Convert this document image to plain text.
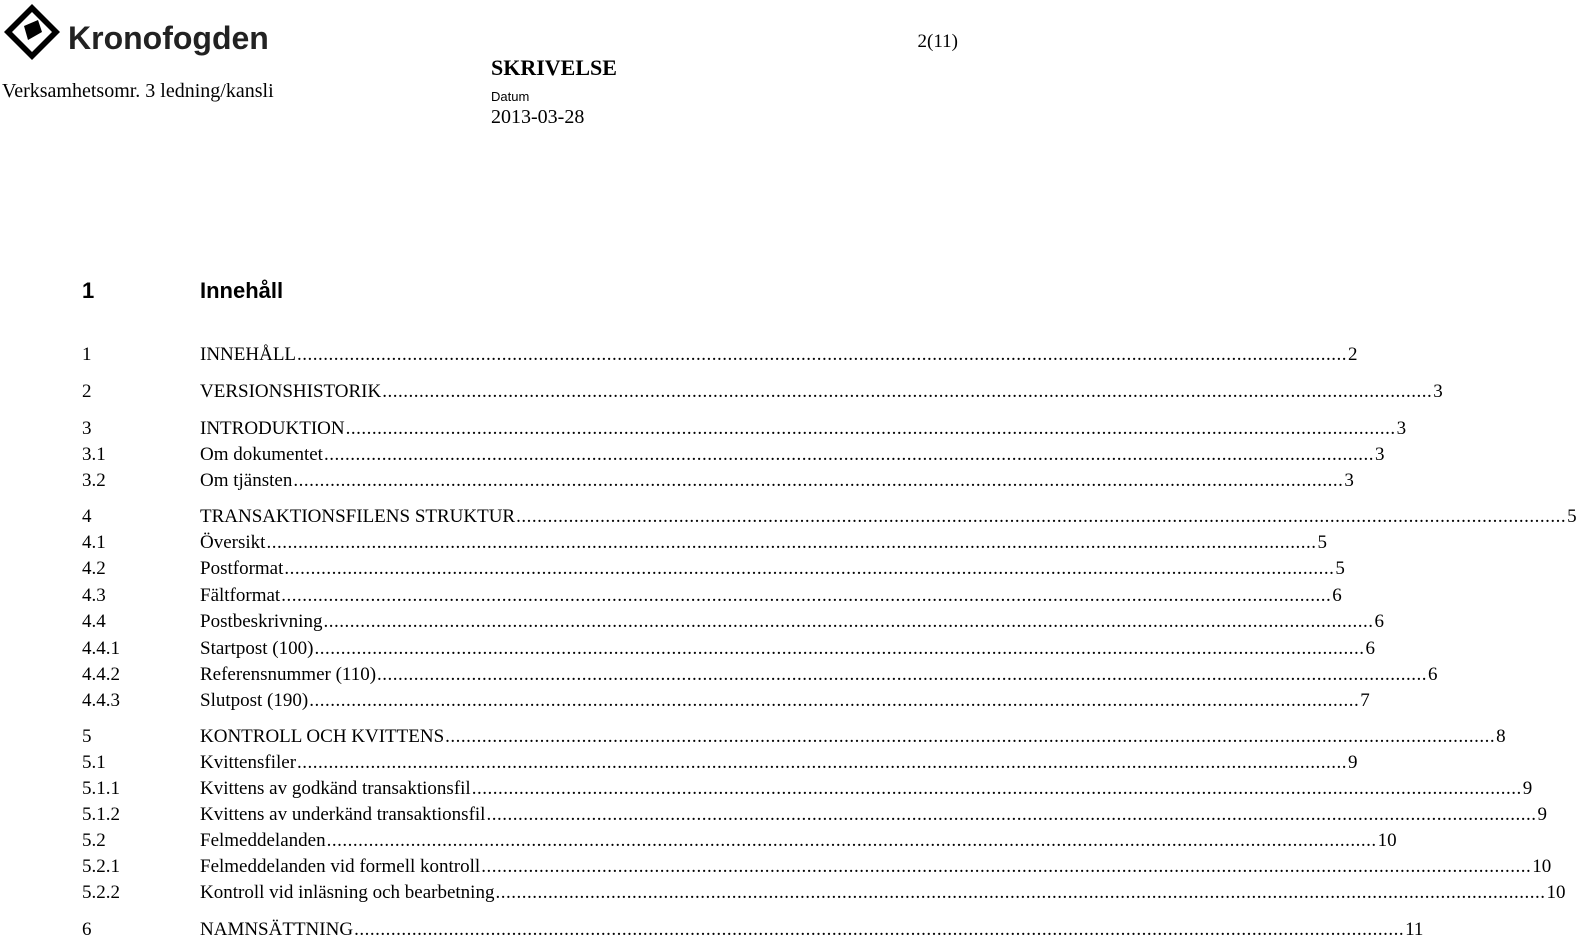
Kronofogden	2(11)
Verksamhetsomr. 3 ledning/kansli
SKRIVELSE
Datum
2013-03-28
1	Innehåll
1	INNEHÅLL ........................................................................................................................................................................................................ 2
2	VERSIONSHISTORIK ........................................................................................................................................................................................................ 3
3	INTRODUKTION ........................................................................................................................................................................................................ 3
3.1	Om dokumentet ........................................................................................................................................................................................................ 3
3.2	Om tjänsten ........................................................................................................................................................................................................ 3
4	TRANSAKTIONSFILENS STRUKTUR ........................................................................................................................................................................................................ 5
4.1	Översikt ........................................................................................................................................................................................................ 5
4.2	Postformat ........................................................................................................................................................................................................ 5
4.3	Fältformat ........................................................................................................................................................................................................ 6
4.4	Postbeskrivning ........................................................................................................................................................................................................ 6
4.4.1	Startpost (100) ........................................................................................................................................................................................................ 6
4.4.2	Referensnummer (110) ........................................................................................................................................................................................................ 6
4.4.3	Slutpost (190) ........................................................................................................................................................................................................ 7
5	KONTROLL OCH KVITTENS ........................................................................................................................................................................................................ 8
5.1	Kvittensfiler ........................................................................................................................................................................................................ 9
5.1.1	Kvittens av godkänd transaktionsfil ........................................................................................................................................................................................................ 9
5.1.2	Kvittens av underkänd transaktionsfil ........................................................................................................................................................................................................ 9
5.2	Felmeddelanden ........................................................................................................................................................................................................ 10
5.2.1	Felmeddelanden vid formell kontroll ........................................................................................................................................................................................................ 10
5.2.2	Kontroll vid inläsning och bearbetning ........................................................................................................................................................................................................ 10
6	NAMNSÄTTNING ........................................................................................................................................................................................................ 11
